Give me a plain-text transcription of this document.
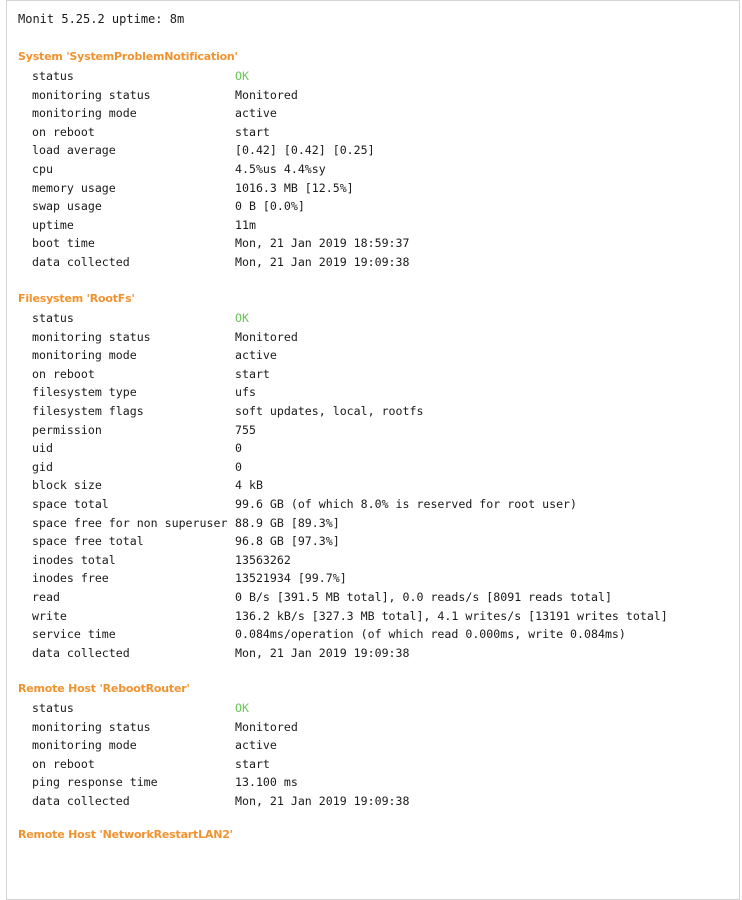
Monit 5.25.2 uptime: 8m
System 'SystemProblemNotification'
status	OK
monitoring status	Monitored
monitoring mode	active
on reboot	start
load average	[0.42] [0.42] [0.25]
cpu	4.5%us 4.4%sy
memory usage	1016.3 MB [12.5%]
swap usage	0 B [0.0%]
uptime	11m
boot time	Mon, 21 Jan 2019 18:59:37
data collected	Mon, 21 Jan 2019 19:09:38
Filesystem 'RootFs'
status	OK
monitoring status	Monitored
monitoring mode	active
on reboot	start
filesystem type	ufs
filesystem flags	soft updates, local, rootfs
permission	755
uid	0
gid	0
block size	4 kB
space total	99.6 GB (of which 8.0% is reserved for root user)
space free for non superuser 88.9 GB [89.3%]
space free total	96.8 GB [97.3%]
inodes total	13563262
inodes free	13521934 [99.7%]
read	0 B/s [391.5 MB total], 0.0 reads/s [8091 reads total]
write	136.2 kB/s [327.3 MB total], 4.1 writes/s [13191 writes total]
service time	0.084ms/operation (of which read 0.000ms, write 0.084ms)
data collected	Mon, 21 Jan 2019 19:09:38
Remote Host 'RebootRouter'
status	OK
monitoring status	Monitored
monitoring mode	active
on reboot	start
ping response time	13.100 ms
data collected	Mon, 21 Jan 2019 19:09:38
Remote Host 'NetworkRestartLAN2'
